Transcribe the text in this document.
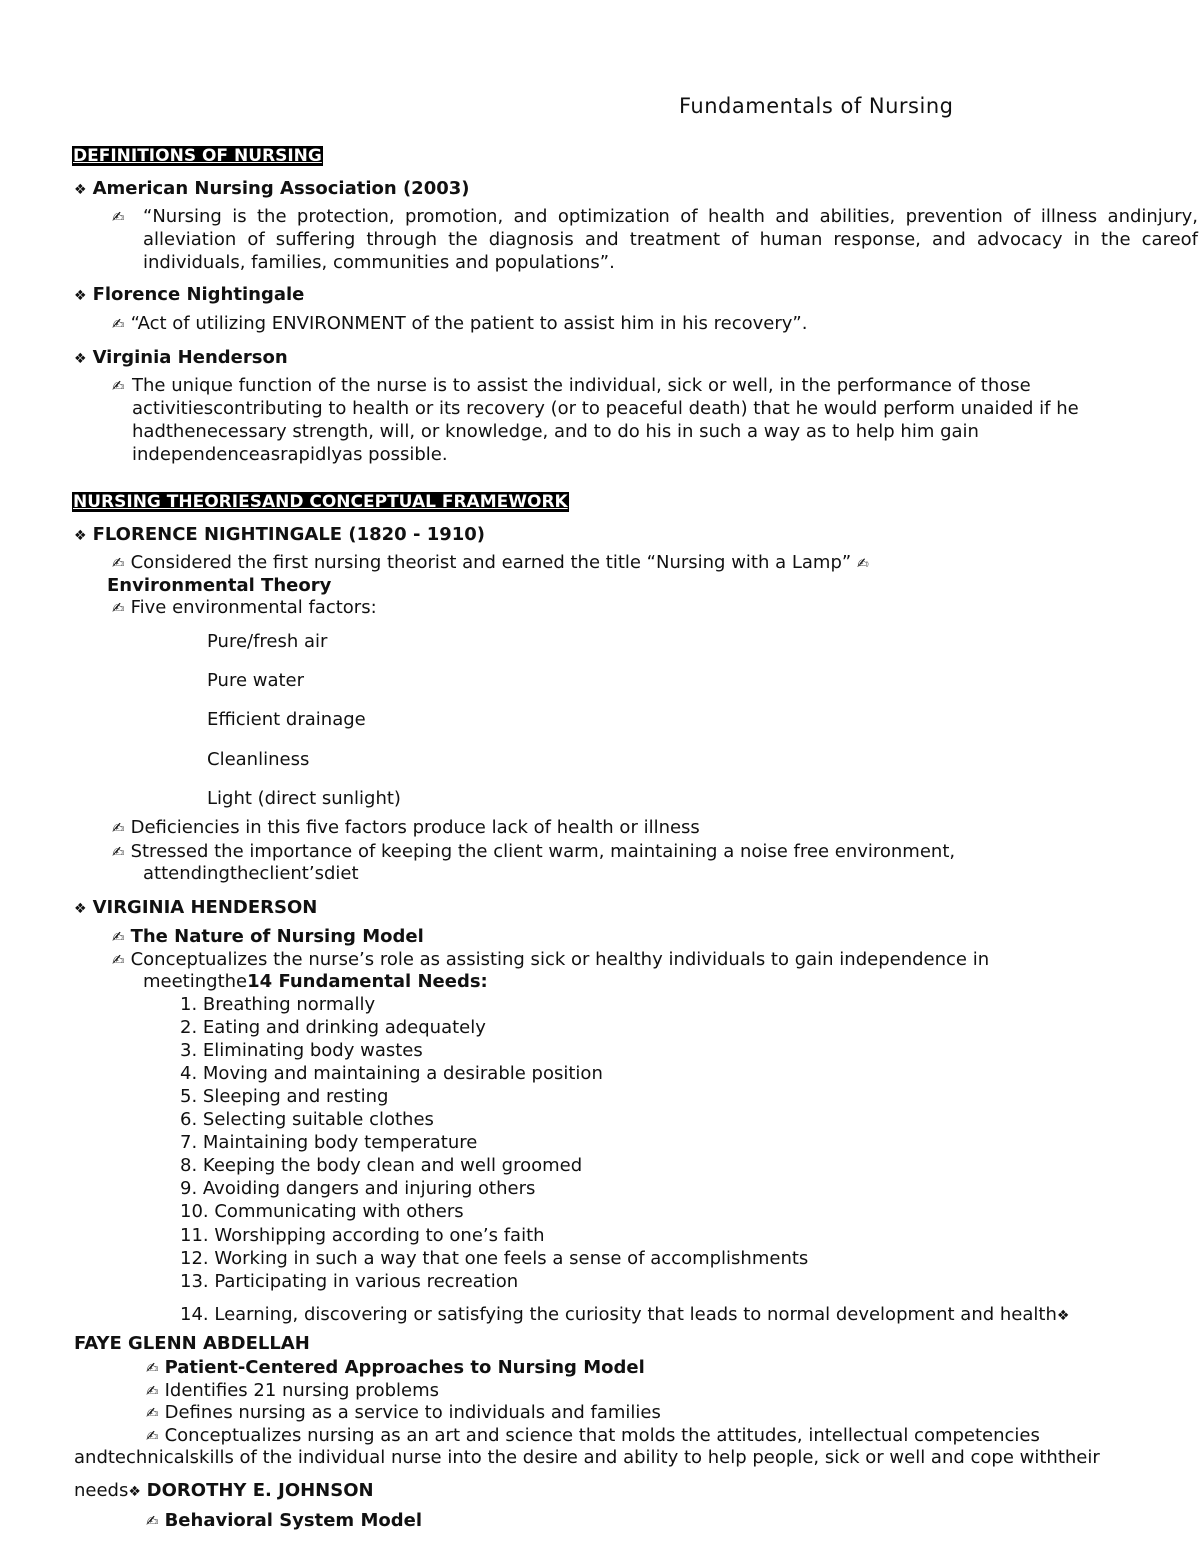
Fundamentals of Nursing
DEFINITIONS OF NURSING
❖ American Nursing Association (2003)
✍
“Nursing is the protection, promotion, and optimization of health and abilities, prevention of illness andinjury, alleviation of suffering through the diagnosis and treatment of human response, and advocacy in the careof individuals, families, communities and populations”.
❖ Florence Nightingale
✍ “Act of utilizing ENVIRONMENT of the patient to assist him in his recovery”.
❖ Virginia Henderson
✍
The unique function of the nurse is to assist the individual, sick or well, in the performance of those activitiescontributing to health or its recovery (or to peaceful death) that he would perform unaided if he hadthenecessary strength, will, or knowledge, and to do his in such a way as to help him gain independenceasrapidlyas possible.
NURSING THEORIESAND CONCEPTUAL FRAMEWORK
❖ FLORENCE NIGHTINGALE (1820 - 1910)
✍ Considered the first nursing theorist and earned the title “Nursing with a Lamp” ✍
Environmental Theory
✍ Five environmental factors:
Pure/fresh air
Pure water
Efficient drainage
Cleanliness
Light (direct sunlight)
✍ Deficiencies in this five factors produce lack of health or illness
✍ Stressed the importance of keeping the client warm, maintaining a noise free environment,
attendingtheclient’sdiet
❖ VIRGINIA HENDERSON
✍ The Nature of Nursing Model
✍ Conceptualizes the nurse’s role as assisting sick or healthy individuals to gain independence in
meetingthe14 Fundamental Needs:
1. Breathing normally
2. Eating and drinking adequately
3. Eliminating body wastes
4. Moving and maintaining a desirable position
5. Sleeping and resting
6. Selecting suitable clothes
7. Maintaining body temperature
8. Keeping the body clean and well groomed
9. Avoiding dangers and injuring others
10. Communicating with others
11. Worshipping according to one’s faith
12. Working in such a way that one feels a sense of accomplishments
13. Participating in various recreation
14. Learning, discovering or satisfying the curiosity that leads to normal development and health❖
FAYE GLENN ABDELLAH
✍ Patient-Centered Approaches to Nursing Model
✍ Identifies 21 nursing problems
✍ Defines nursing as a service to individuals and families
✍ Conceptualizes nursing as an art and science that molds the attitudes, intellectual competencies
andtechnicalskills of the individual nurse into the desire and ability to help people, sick or well and cope withtheir
needs❖ DOROTHY E. JOHNSON
✍ Behavioral System Model
